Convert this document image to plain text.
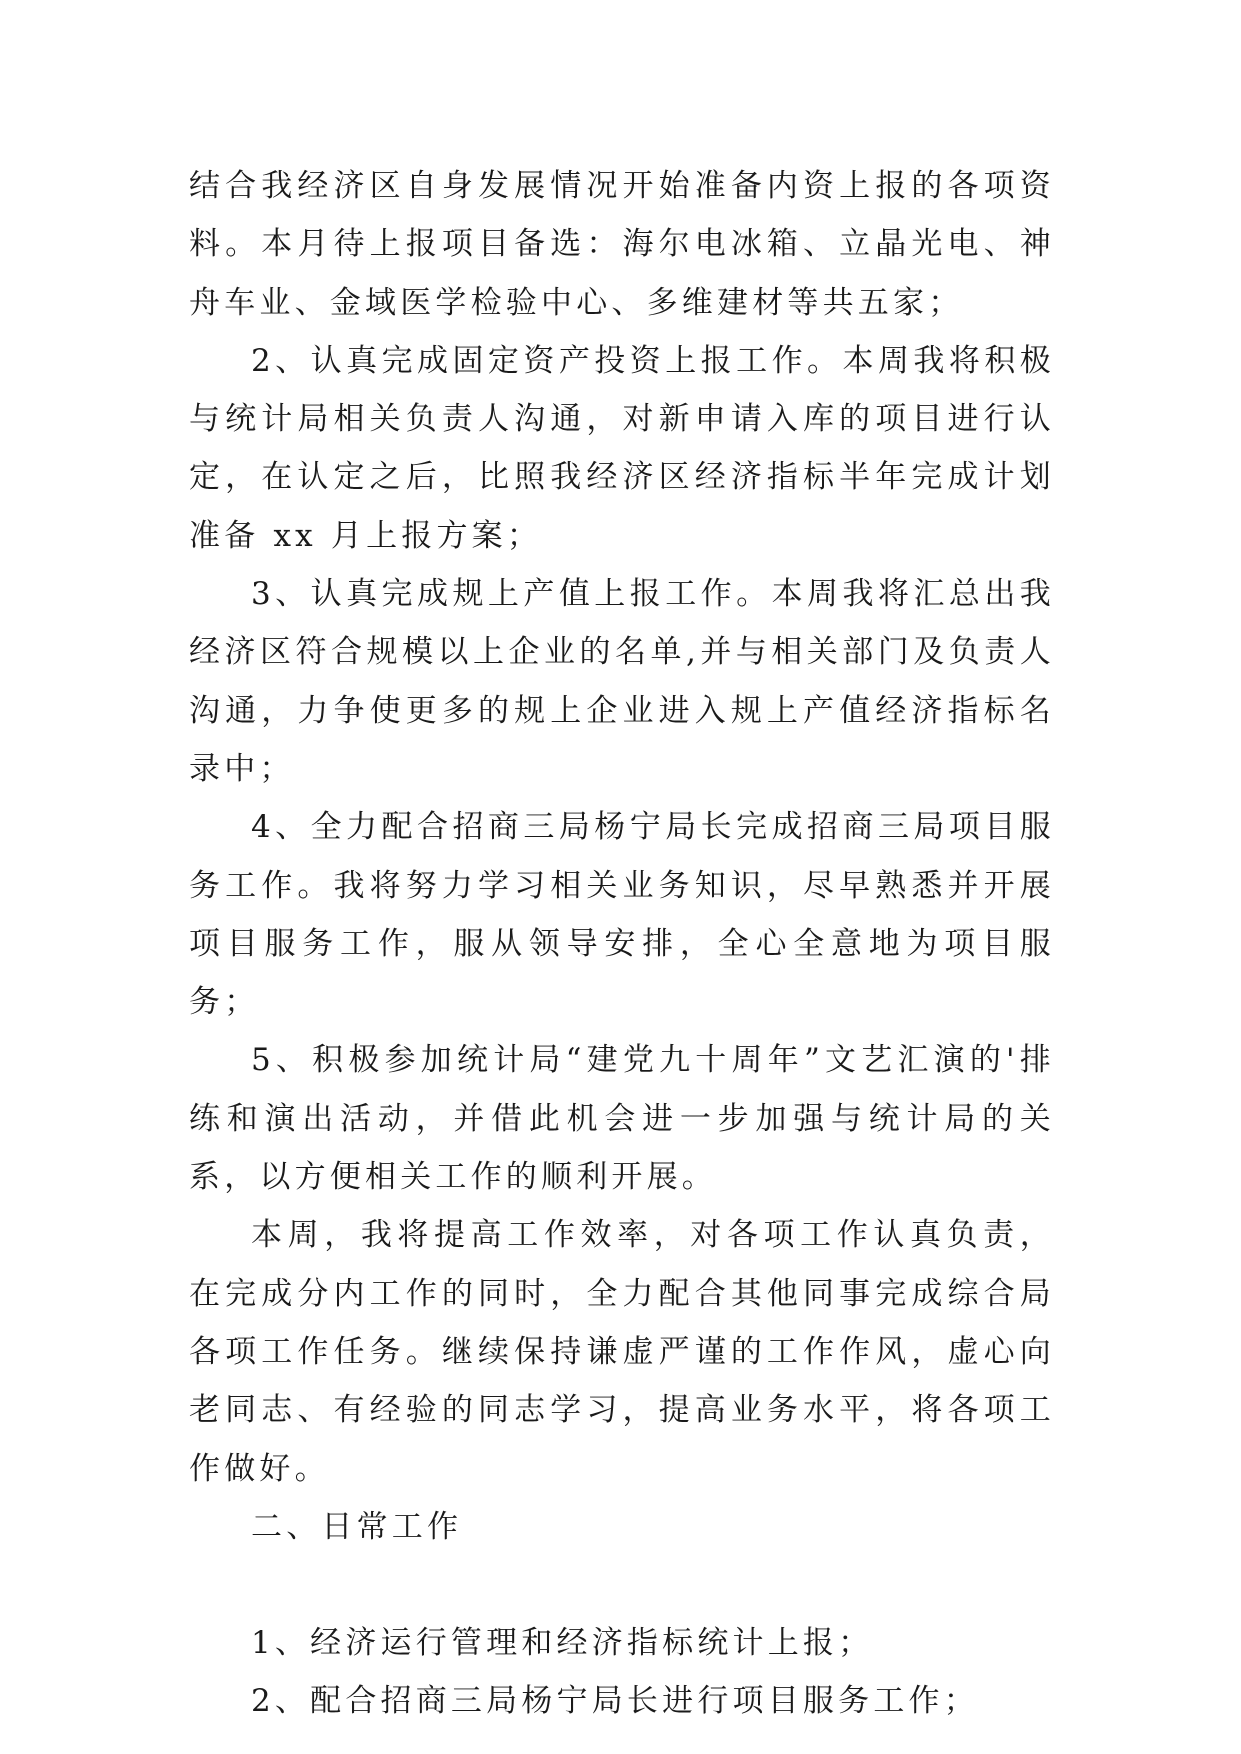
结合我经济区自身发展情况开始准备内资上报的各项资料。本月待上报项目备选：海尔电冰箱、立晶光电、神舟车业、金域医学检验中心、多维建材等共五家；

2、认真完成固定资产投资上报工作。本周我将积极与统计局相关负责人沟通，对新申请入库的项目进行认定，在认定之后，比照我经济区经济指标半年完成计划准备 xx 月上报方案；

3、认真完成规上产值上报工作。本周我将汇总出我经济区符合规模以上企业的名单,并与相关部门及负责人沟通，力争使更多的规上企业进入规上产值经济指标名录中；

4、全力配合招商三局杨宁局长完成招商三局项目服务工作。我将努力学习相关业务知识，尽早熟悉并开展项目服务工作，服从领导安排，全心全意地为项目服务；

5、积极参加统计局“建党九十周年”文艺汇演的'排练和演出活动，并借此机会进一步加强与统计局的关系，以方便相关工作的顺利开展。

本周，我将提高工作效率，对各项工作认真负责，在完成分内工作的同时，全力配合其他同事完成综合局各项工作任务。继续保持谦虚严谨的工作作风，虚心向老同志、有经验的同志学习，提高业务水平，将各项工作做好。

二、日常工作

1、经济运行管理和经济指标统计上报；

2、配合招商三局杨宁局长进行项目服务工作；
